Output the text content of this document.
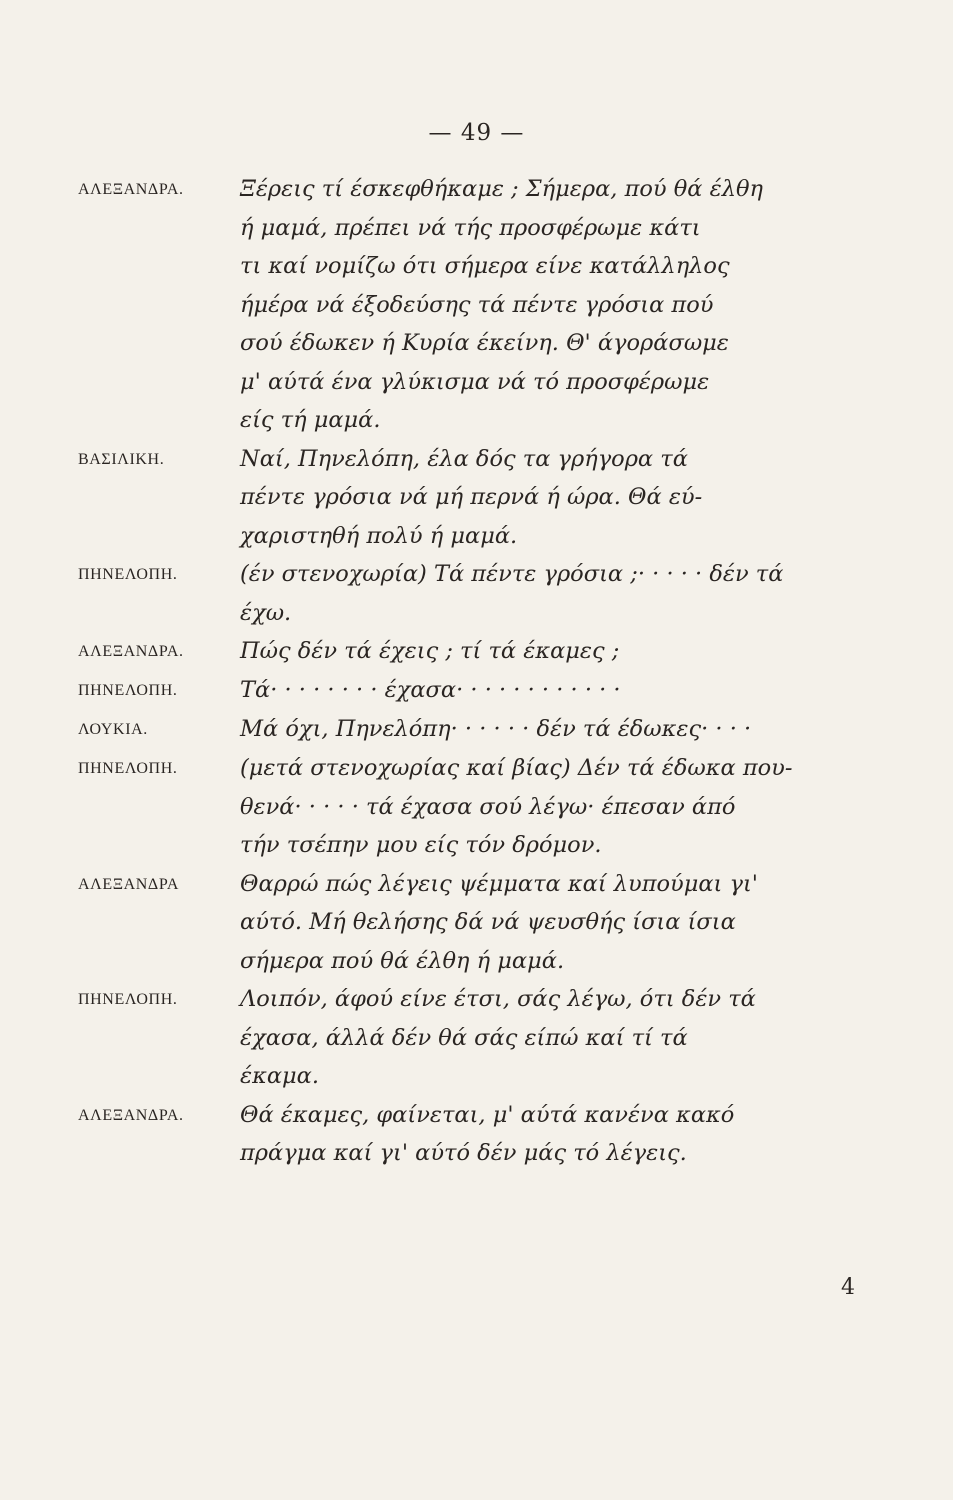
— 49 —
ΑΛΕΞΑΝΔΡΑ.	Ξέρεις τί έσκεφθήκαμε ; Σήμερα, πού θά έλθη
ή μαμά, πρέπει νά τής προσφέρωμε κάτι
τι καί νομίζω ότι σήμερα είνε κατάλληλος
ήμέρα νά έξοδεύσης τά πέντε γρόσια πού
σού έδωκεν ή Κυρία έκείνη. Θ' άγοράσωμε
μ' αύτά ένα γλύκισμα νά τό προσφέρωμε
είς τή μαμά.
ΒΑΣΙΛΙΚΗ.	Ναί, Πηνελόπη, έλα δός τα γρήγορα τά
πέντε γρόσια νά μή περνά ή ώρα. Θά εύ-
χαριστηθή πολύ ή μαμά.
ΠΗΝΕΛΟΠΗ.	(έν στενοχωρία) Τά πέντε γρόσια ;· · · · · δέν τά
έχω.
ΑΛΕΞΑΝΔΡΑ.	Πώς δέν τά έχεις ; τί τά έκαμες ;
ΠΗΝΕΛΟΠΗ.	Τά· · · · · · · · έχασα· · · · · · · · · · · ·
ΛΟΥΚΙΑ.	Μά όχι, Πηνελόπη· · · · · · δέν τά έδωκες· · · ·
ΠΗΝΕΛΟΠΗ.	(μετά στενοχωρίας καί βίας) Δέν τά έδωκα που-
θενά· · · · · τά έχασα σού λέγω· έπεσαν άπό
τήν τσέπην μου είς τόν δρόμον.
ΑΛΕΞΑΝΔΡΑ	Θαρρώ πώς λέγεις ψέμματα καί λυπούμαι γι'
αύτό. Μή θελήσης δά νά ψευσθής ίσια ίσια
σήμερα πού θά έλθη ή μαμά.
ΠΗΝΕΛΟΠΗ.	Λοιπόν, άφού είνε έτσι, σάς λέγω, ότι δέν τά
έχασα, άλλά δέν θά σάς είπώ καί τί τά
έκαμα.
ΑΛΕΞΑΝΔΡΑ.	Θά έκαμες, φαίνεται, μ' αύτά κανένα κακό
πράγμα καί γι' αύτό δέν μάς τό λέγεις.
4
